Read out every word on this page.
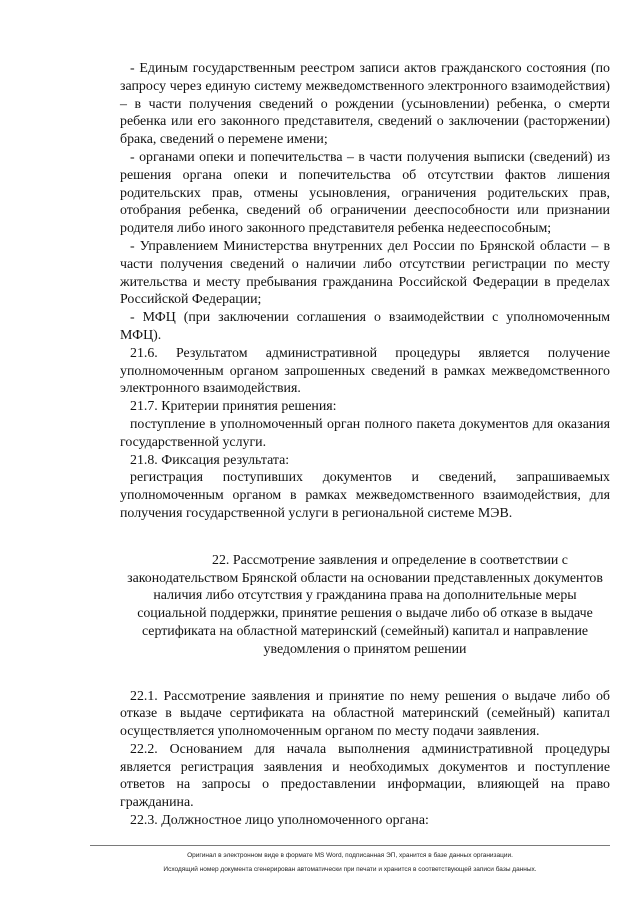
- Единым государственным реестром записи актов гражданского состояния (по запросу через единую систему межведомственного электронного взаимодействия) – в части получения сведений о рождении (усыновлении) ребенка, о смерти ребенка или его законного представителя, сведений о заключении (расторжении) брака, сведений о перемене имени;

- органами опеки и попечительства – в части получения выписки (сведений) из решения органа опеки и попечительства об отсутствии фактов лишения родительских прав, отмены усыновления, ограничения родительских прав, отобрания ребенка, сведений об ограничении дееспособности или признании родителя либо иного законного представителя ребенка недееспособным;

- Управлением Министерства внутренних дел России по Брянской области – в части получения сведений о наличии либо отсутствии регистрации по месту жительства и месту пребывания гражданина Российской Федерации в пределах Российской Федерации;

- МФЦ (при заключении соглашения о взаимодействии с уполномоченным МФЦ).

21.6. Результатом административной процедуры является получение уполномоченным органом запрошенных сведений в рамках межведомственного электронного взаимодействия.

21.7. Критерии принятия решения:

поступление в уполномоченный орган полного пакета документов для оказания государственной услуги.

21.8. Фиксация результата:

регистрация поступивших документов и сведений, запрашиваемых уполномоченным органом в рамках межведомственного взаимодействия, для получения государственной услуги в региональной системе МЭВ.

22. Рассмотрение заявления и определение в соответствии с законодательством Брянской области на основании представленных документов наличия либо отсутствия у гражданина права на дополнительные меры социальной поддержки, принятие решения о выдаче либо об отказе в выдаче сертификата на областной материнский (семейный) капитал и направление уведомления о принятом решении

22.1. Рассмотрение заявления и принятие по нему решения о выдаче либо об отказе в выдаче сертификата на областной материнский (семейный) капитал осуществляется уполномоченным органом по месту подачи заявления.

22.2. Основанием для начала выполнения административной процедуры является регистрация заявления и необходимых документов и поступление ответов на запросы о предоставлении информации, влияющей на право гражданина.

22.3. Должностное лицо уполномоченного органа:

Оригинал в электронном виде в формате MS Word, подписанная ЭП, хранится в базе данных организации.
Исходящий номер документа сгенерирован автоматически при печати и хранится в соответствующей записи базы данных.
